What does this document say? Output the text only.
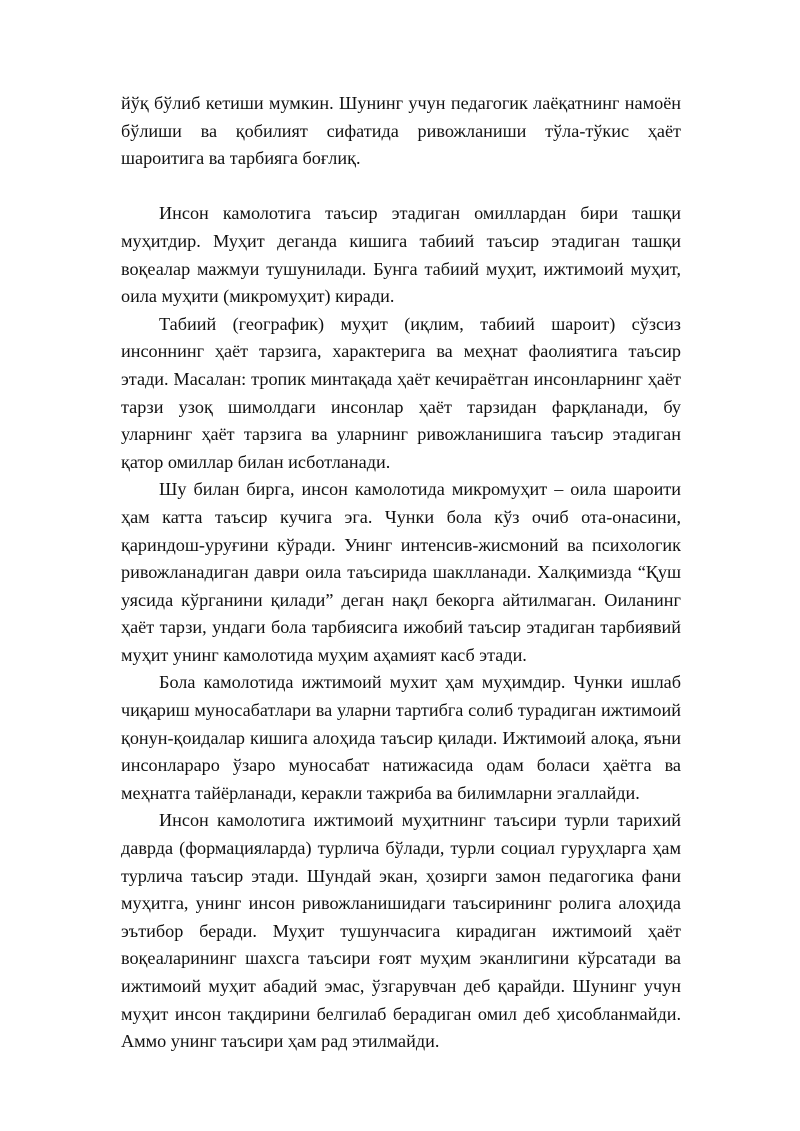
йўқ бўлиб кетиши мумкин. Шунинг учун педагогик лаёқатнинг намоён бўлиши ва қобилият сифатида ривожланиши тўла-тўкис ҳаёт шароитига ва тарбияга боғлиқ.

Инсон камолотига таъсир этадиган омиллардан бири ташқи муҳитдир. Муҳит деганда кишига табиий таъсир этадиган ташқи воқеалар мажмуи тушунилади. Бунга табиий муҳит, ижтимоий муҳит, оила муҳити (микромуҳит) киради.

Табиий (географик) муҳит (иқлим, табиий шароит) сўзсиз инсоннинг ҳаёт тарзига, характерига ва меҳнат фаолиятига таъсир этади. Масалан: тропик минтақада ҳаёт кечираётган инсонларнинг ҳаёт тарзи узоқ шимолдаги инсонлар ҳаёт тарзидан фарқланади, бу уларнинг ҳаёт тарзига ва уларнинг ривожланишига таъсир этадиган қатор омиллар билан исботланади.

Шу билан бирга, инсон камолотида микромуҳит – оила шароити ҳам катта таъсир кучига эга. Чунки бола кўз очиб ота-онасини, қариндош-уруғини кўради. Унинг интенсив-жисмоний ва психологик ривожланадиган даври оила таъсирида шаклланади. Халқимизда “Қуш уясида кўрганини қилади” деган нақл бекорга айтилмаган. Оиланинг ҳаёт тарзи, ундаги бола тарбиясига ижобий таъсир этадиган тарбиявий муҳит унинг камолотида муҳим аҳамият касб этади.

Бола камолотида ижтимоий мухит ҳам муҳимдир. Чунки ишлаб чиқариш муносабатлари ва уларни тартибга солиб турадиган ижтимоий қонун-қоидалар кишига алоҳида таъсир қилади. Ижтимоий алоқа, яъни инсонлараро ўзаро муносабат натижасида одам боласи ҳаётга ва меҳнатга тайёрланади, керакли тажриба ва билимларни эгаллайди.

Инсон камолотига ижтимоий муҳитнинг таъсири турли тарихий даврда (формацияларда) турлича бўлади, турли социал гуруҳларга ҳам турлича таъсир этади. Шундай экан, ҳозирги замон педагогика фани муҳитга, унинг инсон ривожланишидаги таъсирининг ролига алоҳида эътибор беради. Муҳит тушунчасига кирадиган ижтимоий ҳаёт воқеаларининг шахсга таъсири ғоят муҳим эканлигини кўрсатади ва ижтимоий муҳит абадий эмас, ўзгарувчан деб қарайди. Шунинг учун муҳит инсон тақдирини белгилаб берадиган омил деб ҳисобланмайди. Аммо унинг таъсири ҳам рад этилмайди.
